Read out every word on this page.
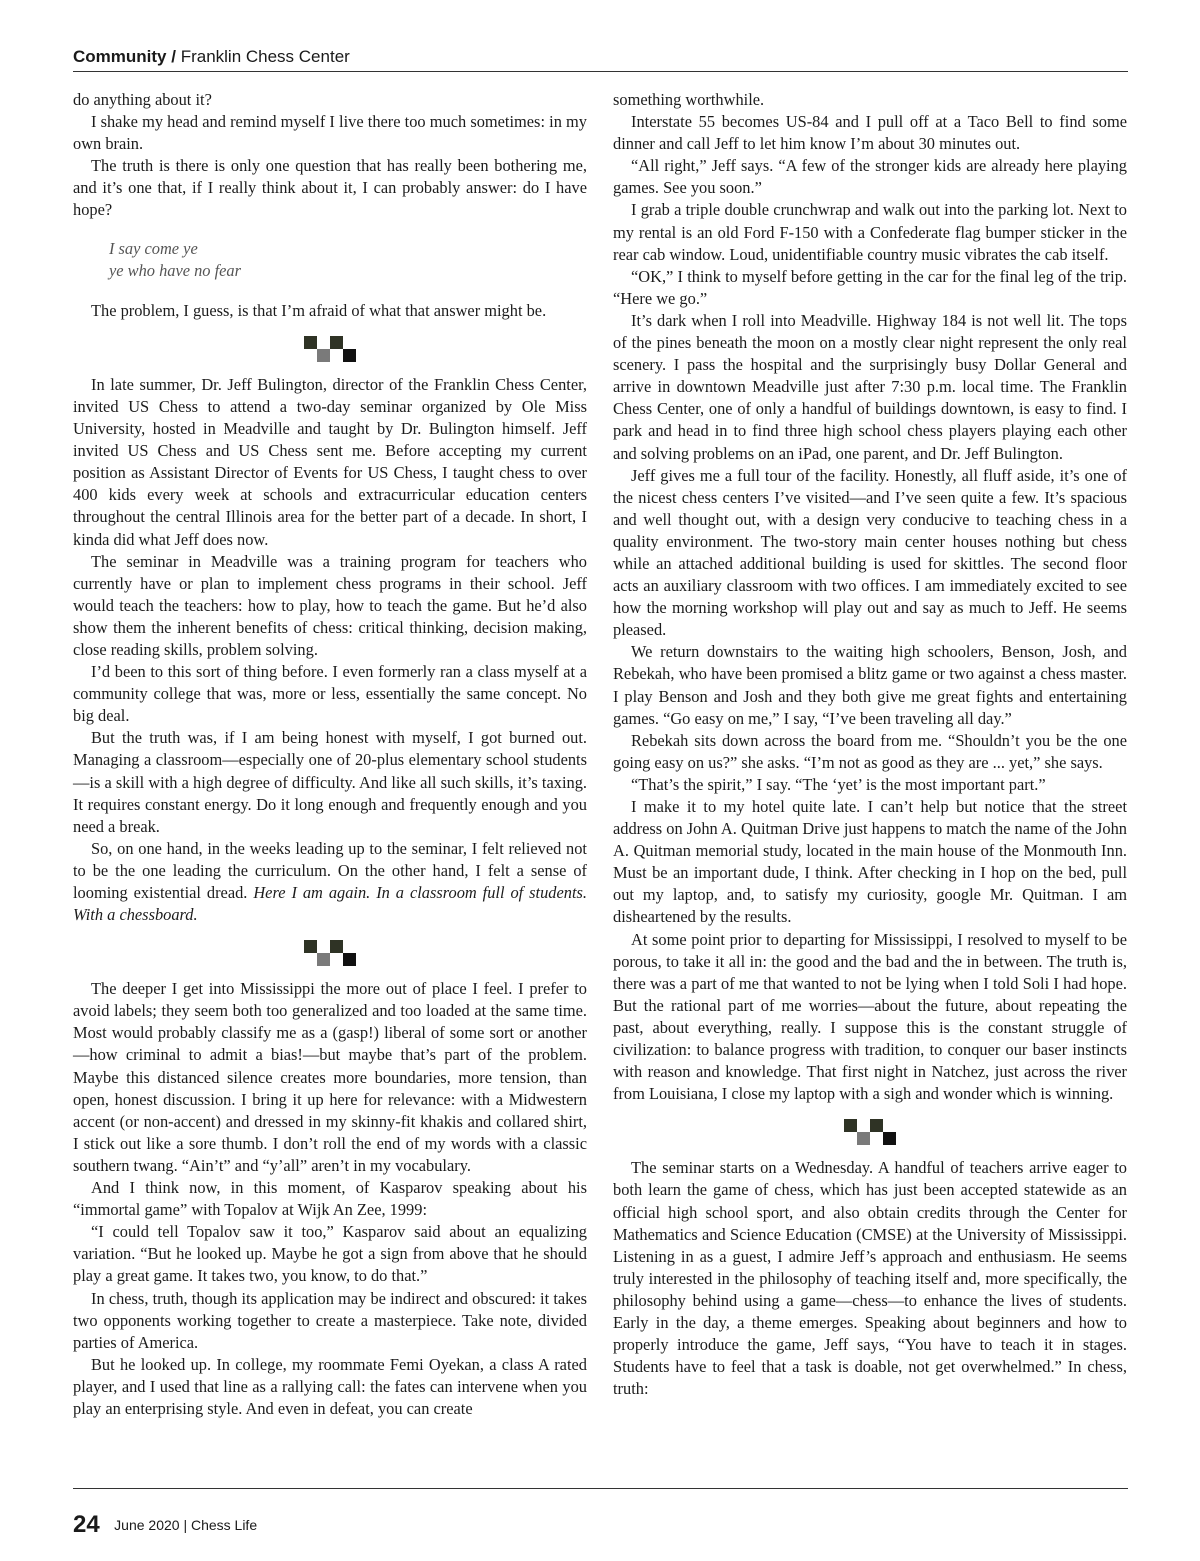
Community / Franklin Chess Center

do anything about it?

I shake my head and remind myself I live there too much sometimes: in my own brain.

The truth is there is only one question that has really been bothering me, and it’s one that, if I really think about it, I can probably answer: do I have hope?

I say come ye
ye who have no fear

The problem, I guess, is that I’m afraid of what that answer might be.

In late summer, Dr. Jeff Bulington, director of the Franklin Chess Center, invited US Chess to attend a two-day seminar organized by Ole Miss University, hosted in Meadville and taught by Dr. Bulington himself. Jeff invited US Chess and US Chess sent me. Before accepting my current position as Assistant Director of Events for US Chess, I taught chess to over 400 kids every week at schools and extracurricular education centers throughout the central Illinois area for the better part of a decade. In short, I kinda did what Jeff does now.

The seminar in Meadville was a training program for teachers who currently have or plan to implement chess programs in their school. Jeff would teach the teachers: how to play, how to teach the game. But he’d also show them the inherent benefits of chess: critical thinking, decision making, close reading skills, problem solving.

I’d been to this sort of thing before. I even formerly ran a class myself at a community college that was, more or less, essentially the same concept. No big deal.

But the truth was, if I am being honest with myself, I got burned out. Managing a classroom—especially one of 20-plus elementary school students—is a skill with a high degree of difficulty. And like all such skills, it’s taxing. It requires constant energy. Do it long enough and frequently enough and you need a break.

So, on one hand, in the weeks leading up to the seminar, I felt relieved not to be the one leading the curriculum. On the other hand, I felt a sense of looming existential dread. Here I am again. In a classroom full of students. With a chessboard.

The deeper I get into Mississippi the more out of place I feel. I prefer to avoid labels; they seem both too generalized and too loaded at the same time. Most would probably classify me as a (gasp!) liberal of some sort or another—how criminal to admit a bias!—but maybe that’s part of the problem. Maybe this distanced silence creates more boundaries, more tension, than open, honest discussion. I bring it up here for relevance: with a Midwestern accent (or non-accent) and dressed in my skinny-fit khakis and collared shirt, I stick out like a sore thumb. I don’t roll the end of my words with a classic southern twang. “Ain’t” and “y’all” aren’t in my vocabulary.

And I think now, in this moment, of Kasparov speaking about his “immortal game” with Topalov at Wijk An Zee, 1999:

“I could tell Topalov saw it too,” Kasparov said about an equalizing variation. “But he looked up. Maybe he got a sign from above that he should play a great game. It takes two, you know, to do that.”

In chess, truth, though its application may be indirect and obscured: it takes two opponents working together to create a masterpiece. Take note, divided parties of America.

But he looked up. In college, my roommate Femi Oyekan, a class A rated player, and I used that line as a rallying call: the fates can intervene when you play an enterprising style. And even in defeat, you can create

something worthwhile.

Interstate 55 becomes US-84 and I pull off at a Taco Bell to find some dinner and call Jeff to let him know I’m about 30 minutes out.

“All right,” Jeff says. “A few of the stronger kids are already here playing games. See you soon.”

I grab a triple double crunchwrap and walk out into the parking lot. Next to my rental is an old Ford F-150 with a Confederate flag bumper sticker in the rear cab window. Loud, unidentifiable country music vibrates the cab itself.

“OK,” I think to myself before getting in the car for the final leg of the trip. “Here we go.”

It’s dark when I roll into Meadville. Highway 184 is not well lit. The tops of the pines beneath the moon on a mostly clear night represent the only real scenery. I pass the hospital and the surprisingly busy Dollar General and arrive in downtown Meadville just after 7:30 p.m. local time. The Franklin Chess Center, one of only a handful of buildings downtown, is easy to find. I park and head in to find three high school chess players playing each other and solving problems on an iPad, one parent, and Dr. Jeff Bulington.

Jeff gives me a full tour of the facility. Honestly, all fluff aside, it’s one of the nicest chess centers I’ve visited—and I’ve seen quite a few. It’s spacious and well thought out, with a design very conducive to teaching chess in a quality environment. The two-story main center houses nothing but chess while an attached additional building is used for skittles. The second floor acts an auxiliary classroom with two offices. I am immediately excited to see how the morning workshop will play out and say as much to Jeff. He seems pleased.

We return downstairs to the waiting high schoolers, Benson, Josh, and Rebekah, who have been promised a blitz game or two against a chess master. I play Benson and Josh and they both give me great fights and entertaining games. “Go easy on me,” I say, “I’ve been traveling all day.”

Rebekah sits down across the board from me. “Shouldn’t you be the one going easy on us?” she asks. “I’m not as good as they are ... yet,” she says.

“That’s the spirit,” I say. “The ‘yet’ is the most important part.”

I make it to my hotel quite late. I can’t help but notice that the street address on John A. Quitman Drive just happens to match the name of the John A. Quitman memorial study, located in the main house of the Monmouth Inn. Must be an important dude, I think. After checking in I hop on the bed, pull out my laptop, and, to satisfy my curiosity, google Mr. Quitman. I am disheartened by the results.

At some point prior to departing for Mississippi, I resolved to myself to be porous, to take it all in: the good and the bad and the in between. The truth is, there was a part of me that wanted to not be lying when I told Soli I had hope. But the rational part of me worries—about the future, about repeating the past, about everything, really. I suppose this is the constant struggle of civilization: to balance progress with tradition, to conquer our baser instincts with reason and knowledge. That first night in Natchez, just across the river from Louisiana, I close my laptop with a sigh and wonder which is winning.

The seminar starts on a Wednesday. A handful of teachers arrive eager to both learn the game of chess, which has just been accepted statewide as an official high school sport, and also obtain credits through the Center for Mathematics and Science Education (CMSE) at the University of Mississippi. Listening in as a guest, I admire Jeff’s approach and enthusiasm. He seems truly interested in the philosophy of teaching itself and, more specifically, the philosophy behind using a game—chess—to enhance the lives of students. Early in the day, a theme emerges. Speaking about beginners and how to properly introduce the game, Jeff says, “You have to teach it in stages. Students have to feel that a task is doable, not get overwhelmed.” In chess, truth:

24 June 2020 | Chess Life
